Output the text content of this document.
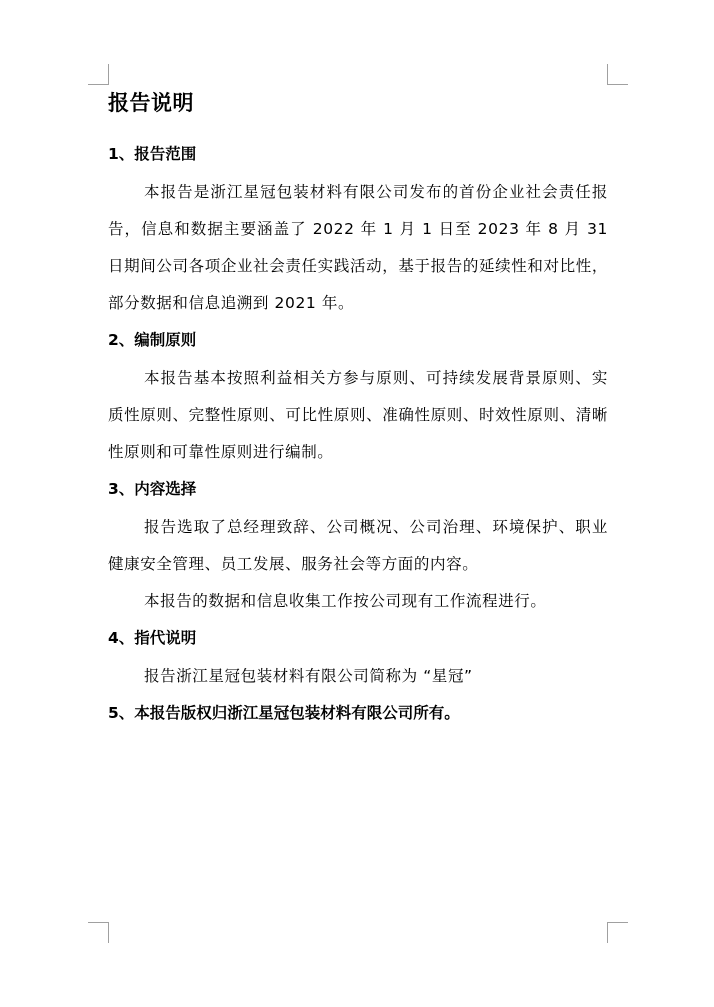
报告说明
1、报告范围

本报告是浙江星冠包装材料有限公司发布的首份企业社会责任报告，信息和数据主要涵盖了 2022 年 1 月 1 日至 2023 年 8 月 31 日期间公司各项企业社会责任实践活动，基于报告的延续性和对比性，部分数据和信息追溯到 2021 年。

2、编制原则

本报告基本按照利益相关方参与原则、可持续发展背景原则、实质性原则、完整性原则、可比性原则、准确性原则、时效性原则、清晰性原则和可靠性原则进行编制。

3、内容选择

报告选取了总经理致辞、公司概况、公司治理、环境保护、职业健康安全管理、员工发展、服务社会等方面的内容。

本报告的数据和信息收集工作按公司现有工作流程进行。

4、指代说明

报告浙江星冠包装材料有限公司简称为 “星冠”

5、本报告版权归浙江星冠包装材料有限公司所有。
